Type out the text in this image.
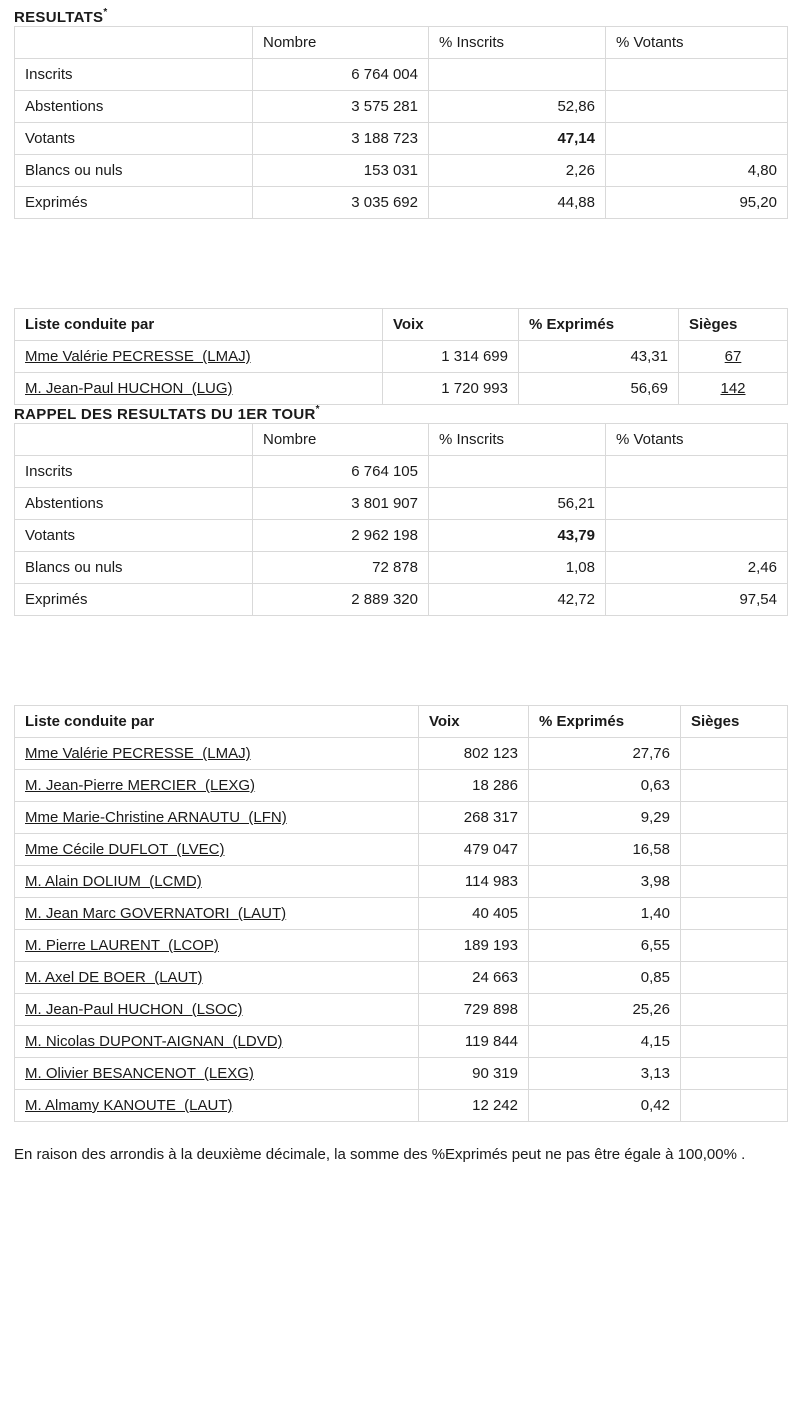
RESULTATS*
	Nombre	% Inscrits	% Votants
Inscrits	6 764 004		
Abstentions	3 575 281	52,86	
Votants	3 188 723	47,14	
Blancs ou nuls	153 031	2,26	4,80
Exprimés	3 035 692	44,88	95,20
Liste conduite par	Voix	% Exprimés	Sièges
Mme Valérie PECRESSE  (LMAJ)	1 314 699	43,31	67
M. Jean-Paul HUCHON  (LUG)	1 720 993	56,69	142
RAPPEL DES RESULTATS DU 1ER TOUR*
	Nombre	% Inscrits	% Votants
Inscrits	6 764 105		
Abstentions	3 801 907	56,21	
Votants	2 962 198	43,79	
Blancs ou nuls	72 878	1,08	2,46
Exprimés	2 889 320	42,72	97,54
Liste conduite par	Voix	% Exprimés	Sièges
Mme Valérie PECRESSE  (LMAJ)	802 123	27,76	
M. Jean-Pierre MERCIER  (LEXG)	18 286	0,63	
Mme Marie-Christine ARNAUTU  (LFN)	268 317	9,29	
Mme Cécile DUFLOT  (LVEC)	479 047	16,58	
M. Alain DOLIUM  (LCMD)	114 983	3,98	
M. Jean Marc GOVERNATORI  (LAUT)	40 405	1,40	
M. Pierre LAURENT  (LCOP)	189 193	6,55	
M. Axel DE BOER  (LAUT)	24 663	0,85	
M. Jean-Paul HUCHON  (LSOC)	729 898	25,26	
M. Nicolas DUPONT-AIGNAN  (LDVD)	119 844	4,15	
M. Olivier BESANCENOT  (LEXG)	90 319	3,13	
M. Almamy KANOUTE  (LAUT)	12 242	0,42	

En raison des arrondis à la deuxième décimale, la somme des %Exprimés peut ne pas être égale à 100,00% .
